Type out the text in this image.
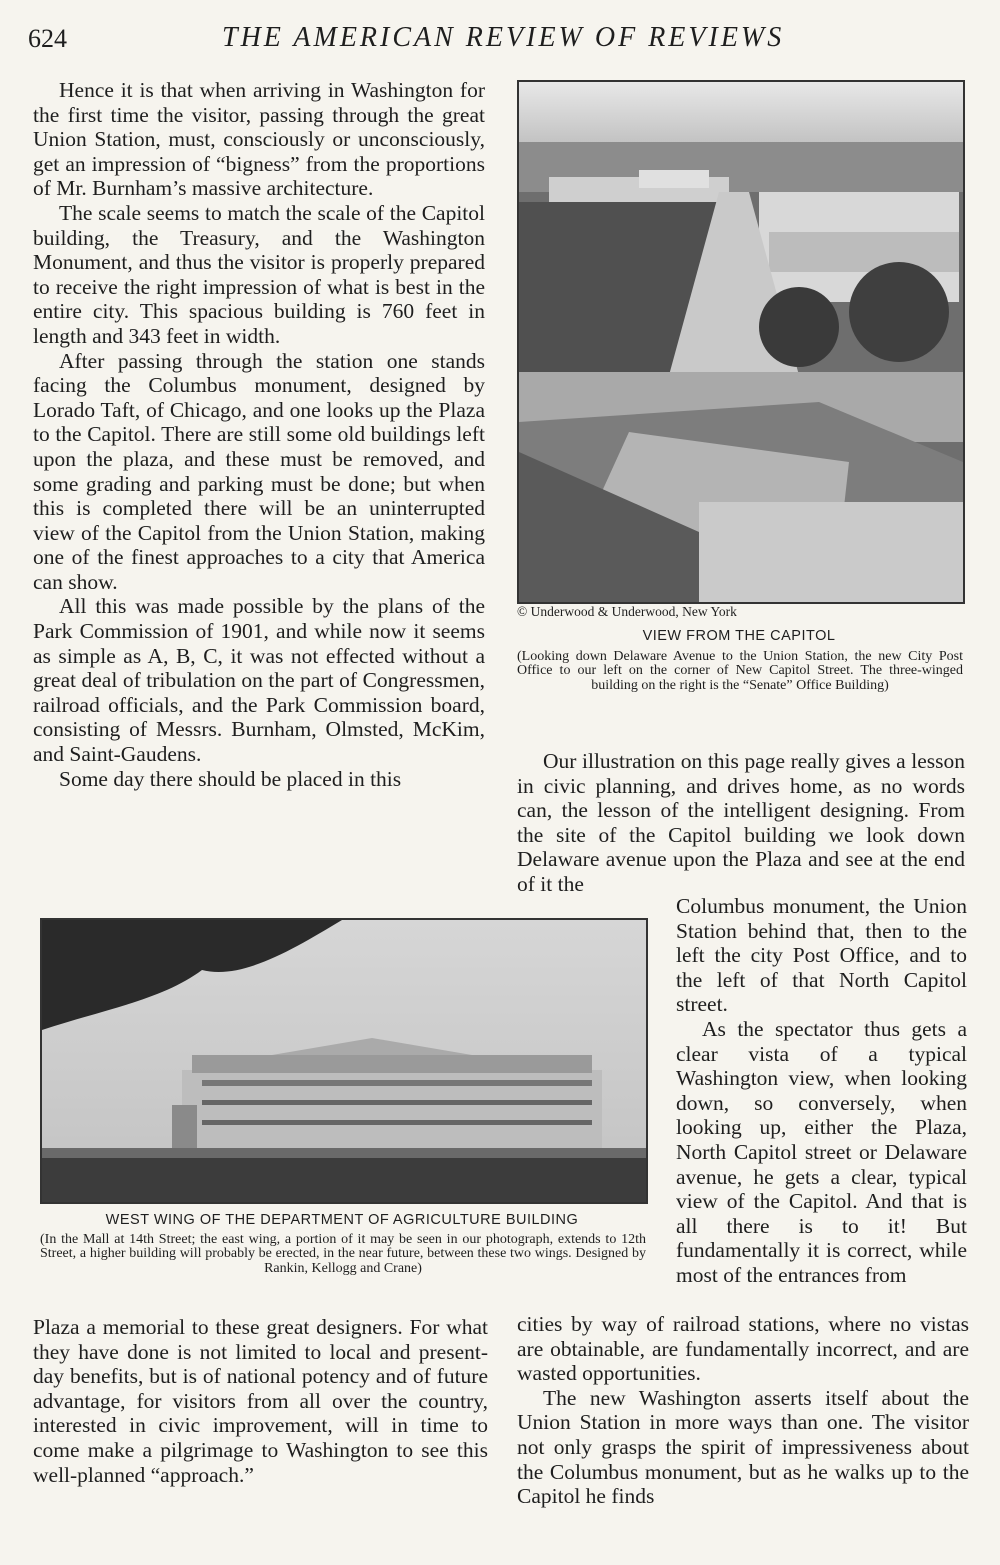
624	THE AMERICAN REVIEW OF REVIEWS

Hence it is that when arriving in Washington for the first time the visitor, passing through the great Union Station, must, consciously or unconsciously, get an impression of “bigness” from the proportions of Mr. Burnham’s massive architecture.

The scale seems to match the scale of the Capitol building, the Treasury, and the Washington Monument, and thus the visitor is properly prepared to receive the right impression of what is best in the entire city. This spacious building is 760 feet in length and 343 feet in width.

After passing through the station one stands facing the Columbus monument, designed by Lorado Taft, of Chicago, and one looks up the Plaza to the Capitol. There are still some old buildings left upon the plaza, and these must be removed, and some grading and parking must be done; but when this is completed there will be an uninterrupted view of the Capitol from the Union Station, making one of the finest approaches to a city that America can show.

All this was made possible by the plans of the Park Commission of 1901, and while now it seems as simple as A, B, C, it was not effected without a great deal of tribulation on the part of Congressmen, railroad officials, and the Park Commission board, consisting of Messrs. Burnham, Olmsted, McKim, and Saint-Gaudens.

Some day there should be placed in this

© Underwood & Underwood, New York
VIEW FROM THE CAPITOL
(Looking down Delaware Avenue to the Union Station, the new City Post Office to our left on the corner of New Capitol Street. The three-winged building on the right is the “Senate” Office Building)

Our illustration on this page really gives a lesson in civic planning, and drives home, as no words can, the lesson of the intelligent designing. From the site of the Capitol building we look down Delaware avenue upon the Plaza and see at the end of it the

WEST WING OF THE DEPARTMENT OF AGRICULTURE BUILDING
(In the Mall at 14th Street; the east wing, a portion of it may be seen in our photograph, extends to 12th Street, a higher building will probably be erected, in the near future, between these two wings. Designed by Rankin, Kellogg and Crane)

Columbus monument, the Union Station behind that, then to the left the city Post Office, and to the left of that North Capitol street.

As the spectator thus gets a clear vista of a typical Washington view, when looking down, so conversely, when looking up, either the Plaza, North Capitol street or Delaware avenue, he gets a clear, typical view of the Capitol. And that is all there is to it! But fundamentally it is correct, while most of the entrances from

Plaza a memorial to these great designers. For what they have done is not limited to local and present-day benefits, but is of national potency and of future advantage, for visitors from all over the country, interested in civic improvement, will in time to come make a pilgrimage to Washington to see this well-planned “approach.”

cities by way of railroad stations, where no vistas are obtainable, are fundamentally incorrect, and are wasted opportunities.

The new Washington asserts itself about the Union Station in more ways than one. The visitor not only grasps the spirit of impressiveness about the Columbus monument, but as he walks up to the Capitol he finds
